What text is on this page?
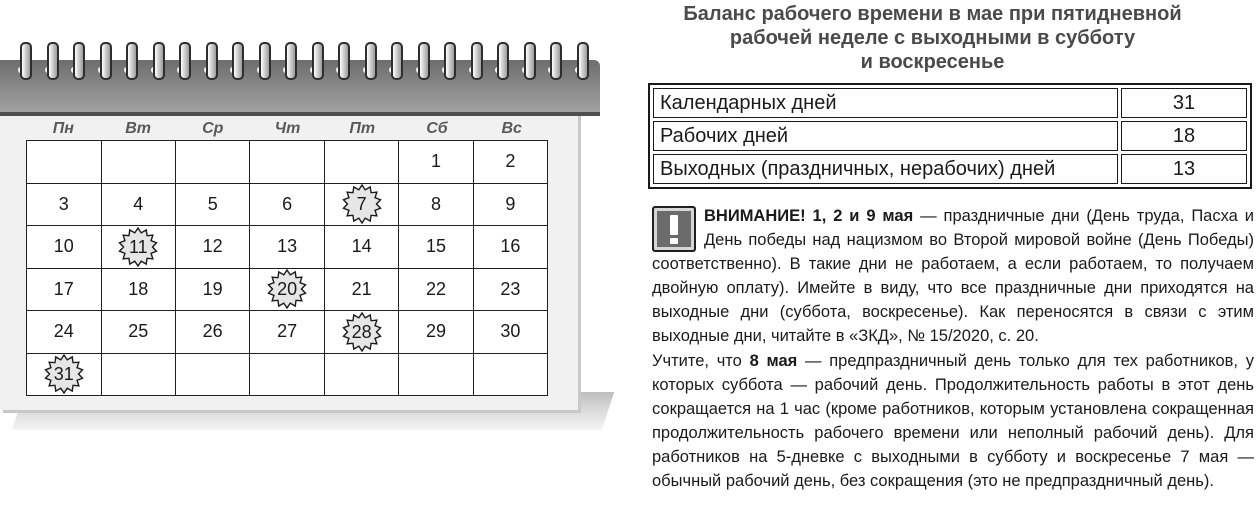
Пн	Вт	Ср	Чт	Пт	Сб	Вс
					1	2
3	4	5	6	7	8	9
10	11	12	13	14	15	16
17	18	19	20	21	22	23
24	25	26	27	28	29	30

31						

Баланс рабочего времени в мае при пятидневной
рабочей неделе с выходными в субботу
и воскресенье
Календарных дней	31
Рабочих дней	18
Выходных (праздничных, нерабочих) дней	13

ВНИМАНИЕ! 1, 2 и 9 мая — праздничные дни (День труда, Пасха и День победы над нацизмом во Второй мировой войне (День Победы) соответственно). В такие дни не работаем, а если работаем, то получаем двойную оплату). Имейте в виду, что все праздничные дни приходятся на выходные дни (суббота, воскресенье). Как переносятся в связи с этим выходные дни, читайте в «ЗКД», № 15/2020, с. 20.

Учтите, что 8 мая — предпраздничный день только для тех работников, у которых суббота — рабочий день. Продолжительность работы в этот день сокращается на 1 час (кроме работников, которым установлена сокращенная продолжительность рабочего времени или неполный рабочий день). Для работников на 5-дневке с выходными в субботу и воскресенье 7 мая — обычный рабочий день, без сокращения (это не предпраздничный день).
